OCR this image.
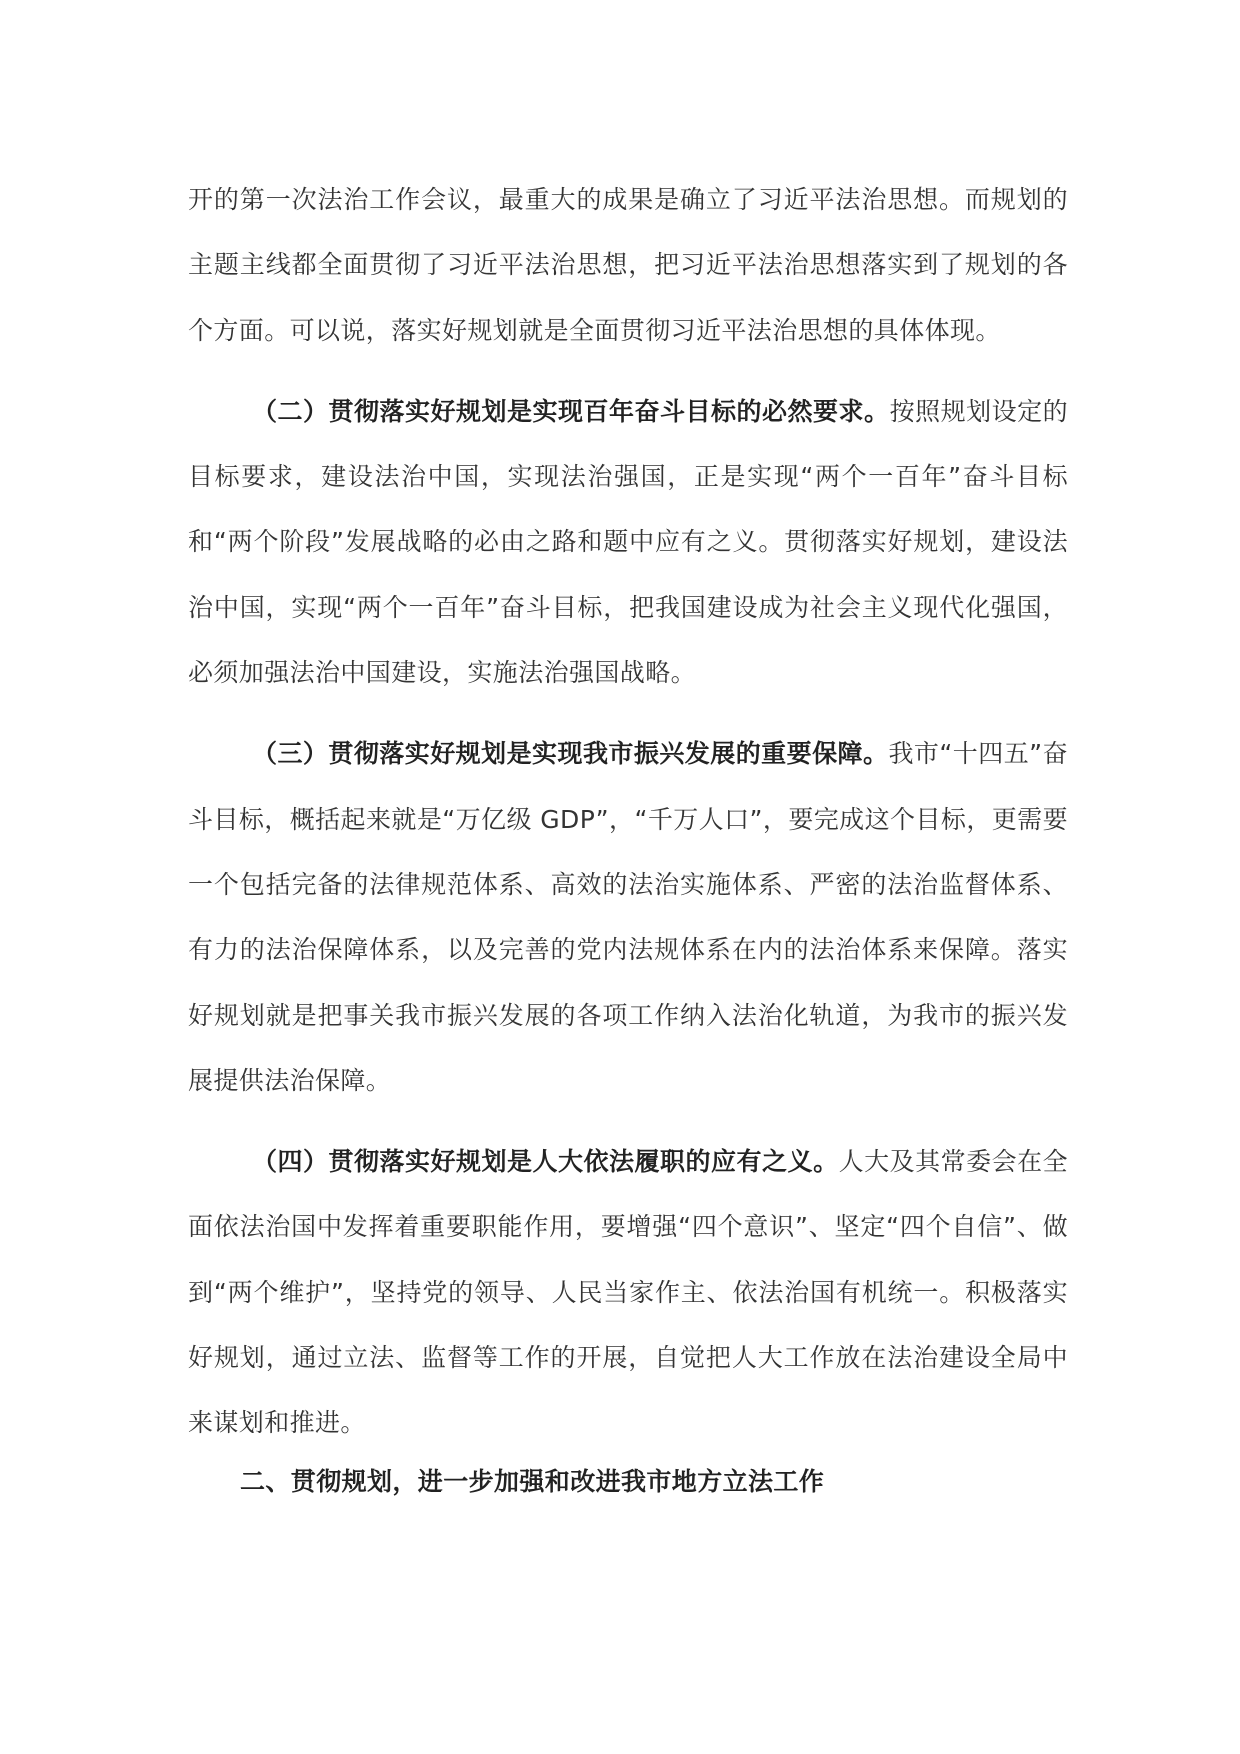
开的第一次法治工作会议，最重大的成果是确立了习近平法治思想。而规划的主题主线都全面贯彻了习近平法治思想，把习近平法治思想落实到了规划的各个方面。可以说，落实好规划就是全面贯彻习近平法治思想的具体体现。

（二）贯彻落实好规划是实现百年奋斗目标的必然要求。按照规划设定的目标要求，建设法治中国，实现法治强国，正是实现“两个一百年”奋斗目标和“两个阶段”发展战略的必由之路和题中应有之义。贯彻落实好规划，建设法治中国，实现“两个一百年”奋斗目标，把我国建设成为社会主义现代化强国，必须加强法治中国建设，实施法治强国战略。

（三）贯彻落实好规划是实现我市振兴发展的重要保障。我市“十四五”奋斗目标，概括起来就是“万亿级 GDP”，“千万人口”，要完成这个目标，更需要一个包括完备的法律规范体系、高效的法治实施体系、严密的法治监督体系、有力的法治保障体系，以及完善的党内法规体系在内的法治体系来保障。落实好规划就是把事关我市振兴发展的各项工作纳入法治化轨道，为我市的振兴发展提供法治保障。

（四）贯彻落实好规划是人大依法履职的应有之义。人大及其常委会在全面依法治国中发挥着重要职能作用，要增强“四个意识”、坚定“四个自信”、做到“两个维护”，坚持党的领导、人民当家作主、依法治国有机统一。积极落实好规划，通过立法、监督等工作的开展，自觉把人大工作放在法治建设全局中来谋划和推进。

二、贯彻规划，进一步加强和改进我市地方立法工作
